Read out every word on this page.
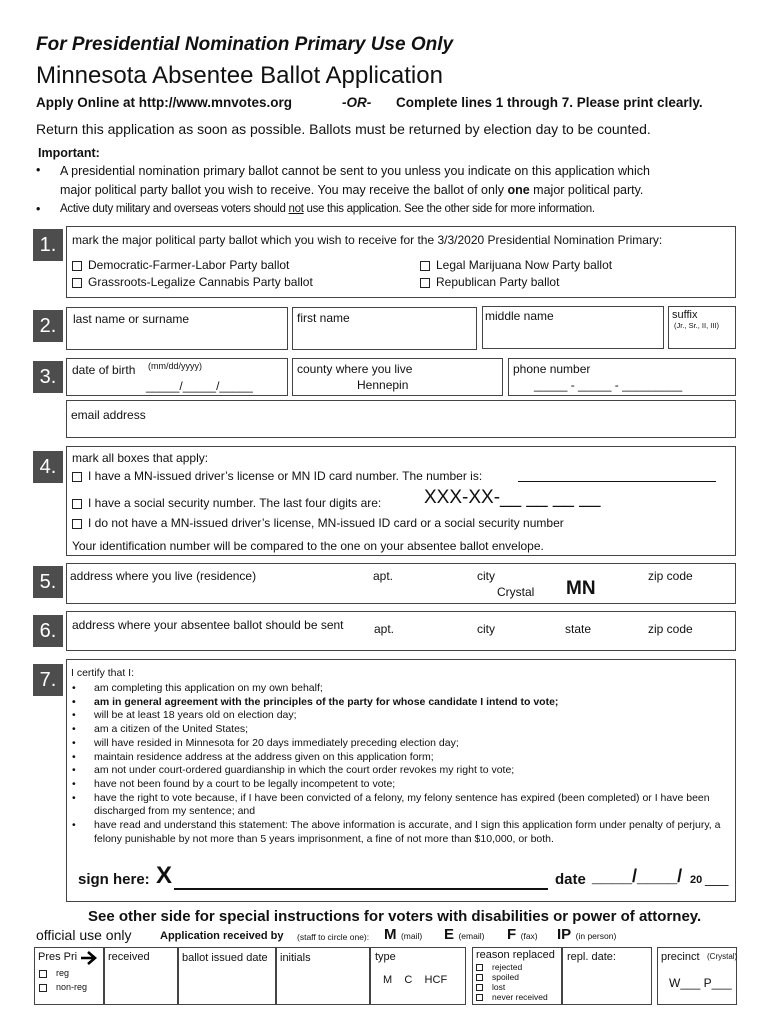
For Presidential Nomination Primary Use Only
Minnesota Absentee Ballot Application
Apply Online at http://www.mnvotes.org	-OR- Complete lines 1 through 7. Please print clearly.
Return this application as soon as possible. Ballots must be returned by election day to be counted.
Important:
• A presidential nomination primary ballot cannot be sent to you unless you indicate on this application which
major political party ballot you wish to receive. You may receive the ballot of only one major political party.
• Active duty military and overseas voters should not use this application. See the other side for more information.
1.	mark the major political party ballot which you wish to receive for the 3/3/2020 Presidential Nomination Primary:
Democratic-Farmer-Labor Party ballot	Legal Marijuana Now Party ballot
Grassroots-Legalize Cannabis Party ballot	Republican Party ballot
2.	last name or surname	first name	middle name	suffix
(Jr., Sr., II, III)
3.	date of birth (mm/dd/yyyy)
_____/_____/_____
county where you live
Hennepin
phone number
_____ - _____ - _________
email address
4.	mark all boxes that apply:
I have a MN-issued driver’s license or MN ID card number. The number is:
I have a social security number. The last four digits are: XXX-XX-__ __ __ __
I do not have a MN-issued driver’s license, MN-issued ID card or a social security number
Your identification number will be compared to the one on your absentee ballot envelope.
5.	address where you live (residence)	apt.	city
Crystal MN
zip code
6.	address where your absentee ballot should be sent	apt.	city	state	zip code
7.	I certify that I:
• am completing this application on my own behalf;
• am in general agreement with the principles of the party for whose candidate I intend to vote;
• will be at least 18 years old on election day;
• am a citizen of the United States;
• will have resided in Minnesota for 20 days immediately preceding election day;
• maintain residence address at the address given on this application form;
• am not under court-ordered guardianship in which the court order revokes my right to vote;
• have not been found by a court to be legally incompetent to vote;
• have the right to vote because, if I have been convicted of a felony, my felony sentence has expired (been completed) or I have been discharged from my sentence; and
• have read and understand this statement: The above information is accurate, and I sign this application form under penalty of perjury, a felony punishable by not more than 5 years imprisonment, a fine of not more than $10,000, or both.
sign here: X	date ____/____/ 20 ___
See other side for special instructions for voters with disabilities or power of attorney.
official use only	Application received by (staff to circle one): M (mail) E (email) F (fax) IP (in person)
Pres Pri
reg
non-reg
received	ballot issued date initials	type
M    C    HCF
reason replaced
rejected
spoiled
lost
never received
repl. date:	precinct (Crystal)
W___ P___
